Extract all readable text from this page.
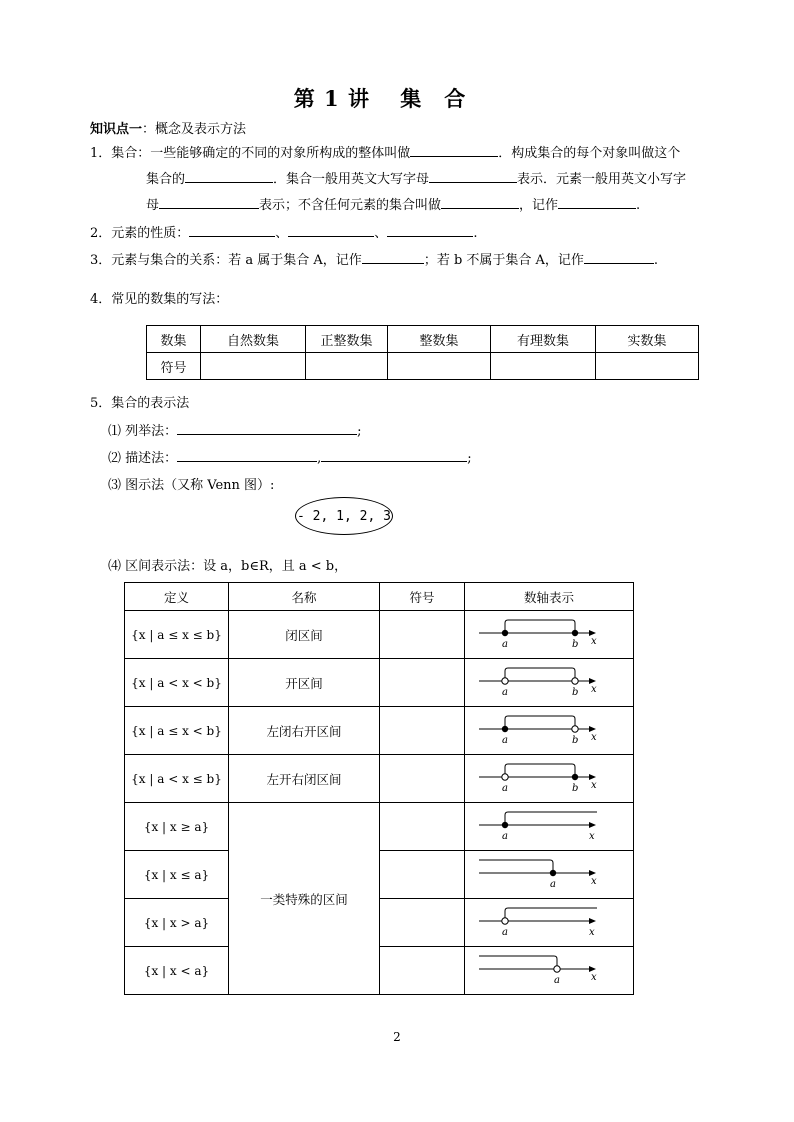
第 1 讲　 集　合
知识点一：概念及表示方法
1．集合：一些能够确定的不同的对象所构成的整体叫做	．构成集合的每个对象叫做这个
集合的	．集合一般用英文大写字母	表示．元素一般用英文小写字
母	表示；不含任何元素的集合叫做	，记作	.
2．元素的性质：	、	、	.
3．元素与集合的关系：若 a 属于集合 A，记作	；若 b 不属于集合 A，记作	.
4．常见的数集的写法：
数集	自然数集	正整数集	整数集	有理数集	实数集
符号					
5．集合的表示法
⑴ 列举法：	;
⑵ 描述法：	,	;
⑶ 图示法（又称 Venn 图）:
- 2, 1, 2, 3
⑷ 区间表示法：设 a，b∈R，且 a < b，
定义	名称	符号	数轴表示
{x | a ≤ x ≤ b}	闭区间		a b x

{x | a < x < b}	开区间		a b x

{x | a ≤ x < b}	左闭右开区间		a b x

{x | a < x ≤ b}	左开右闭区间		a b x

{x | x ≥ a}	一类特殊的区间		a x

{x | x ≤ a}			a x

{x | x > a}			a x

{x | x < a}			a x
2
